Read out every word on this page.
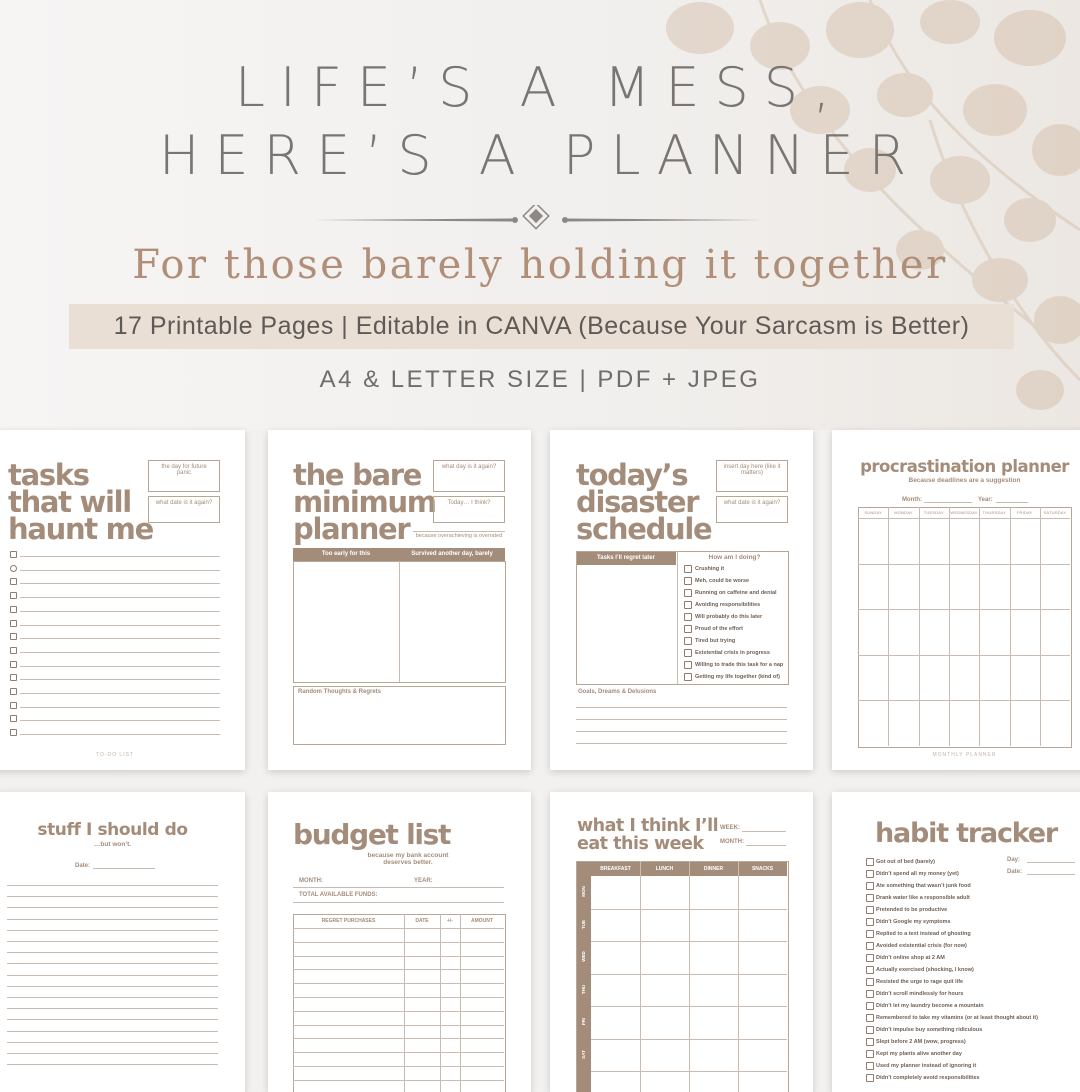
LIFE’S A MESS,
HERE’S A PLANNER
For those barely holding it together
17 Printable Pages | Editable in CANVA (Because Your Sarcasm is Better)
A4 & LETTER SIZE | PDF + JPEG
tasks
that will
haunt me
the day for future panic
what date is it again?
TO-DO LIST
the bare
minimum
planner
what day is it again?
Today… I think?
because overachieving is overrated
Too early for this	Survived another day, barely
Random Thoughts & Regrets
today’s
disaster
schedule
insert day here (like it matters)
what date is it again?
Tasks I’ll regret later	How am I doing?
Crushing it
Meh, could be worse
Running on caffeine and denial
Avoiding responsibilities
Will probably do this later
Proud of the effort
Tired but trying
Existential crisis in progress
Willing to trade this task for a nap
Getting my life together (kind of)
Goals, Dreams & Delusions
procrastination planner
Because deadlines are a suggestion
Month:	Year:
SUNDAY	MONDAY	TUESDAY	WEDNESDAY	THURSDAY	FRIDAY	SATURDAY
MONTHLY PLANNER
stuff I should do
…but won’t.
Date:
budget list
because my bank account
deserves better.
MONTH:	YEAR:
TOTAL AVAILABLE FUNDS:
REGRET PURCHASES	DATE	+/-	AMOUNT
what I think I’ll
eat this week
WEEK:
MONTH:
BREAKFAST	LUNCH	DINNER	SNACKS
MON
TUE
WED
THU
FRI
SAT
habit tracker
Day:
Date:
Got out of bed (barely)
Didn’t spend all my money (yet)
Ate something that wasn’t junk food
Drank water like a responsible adult
Pretended to be productive
Didn’t Google my symptoms
Replied to a text instead of ghosting
Avoided existential crisis (for now)
Didn’t online shop at 2 AM
Actually exercised (shocking, I know)
Resisted the urge to rage quit life
Didn’t scroll mindlessly for hours
Didn’t let my laundry become a mountain
Remembered to take my vitamins (or at least thought about it)
Didn’t impulse buy something ridiculous
Slept before 2 AM (wow, progress)
Kept my plants alive another day
Used my planner instead of ignoring it
Didn’t completely avoid responsibilities
